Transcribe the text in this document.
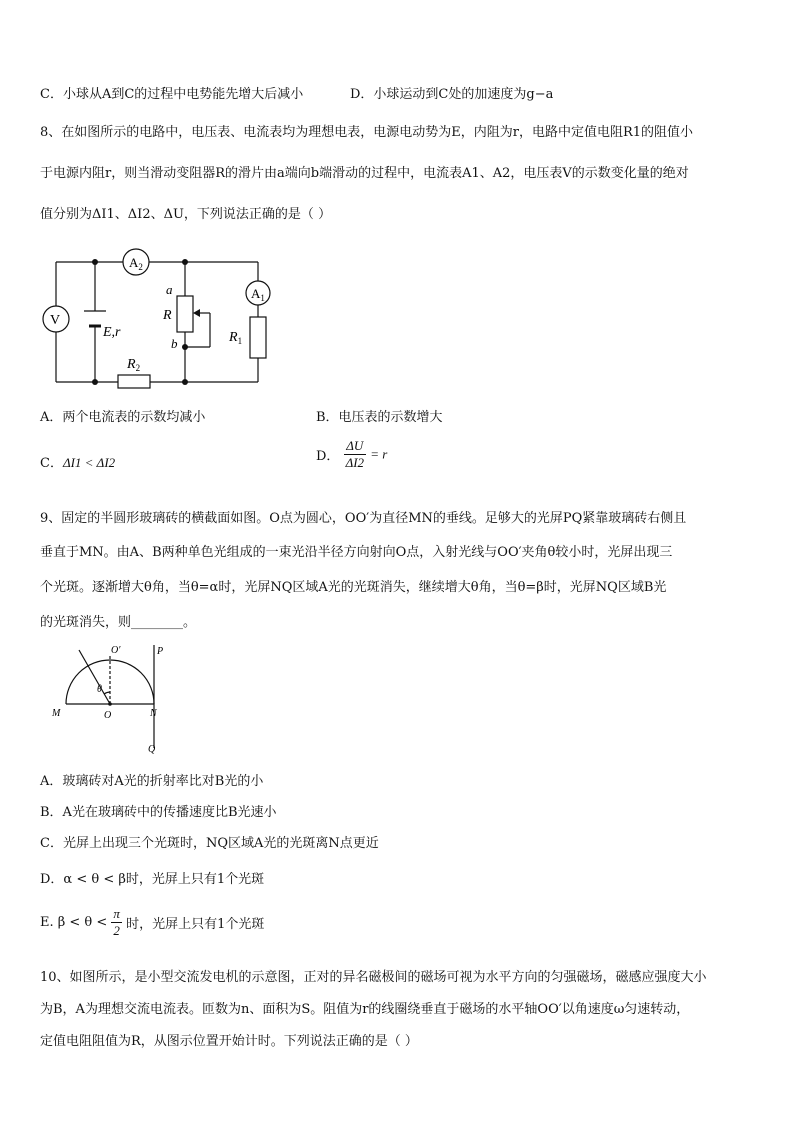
C．小球从A到C的过程中电势能先增大后减小	D．小球运动到C处的加速度为g−a
8、在如图所示的电路中，电压表、电流表均为理想电表，电源电动势为E，内阻为r，电路中定值电阻R1的阻值小
于电源内阻r，则当滑动变阻器R的滑片由a端向b端滑动的过程中，电流表A1、A2，电压表V的示数变化量的绝对
值分别为ΔI1、ΔI2、ΔU，下列说法正确的是（ ）
V
$A_2$
$A_1$
E,r
a
R
b	$R_1$
$R_2$
A．两个电流表的示数均减小	B．电压表的示数增大
C．ΔI1 < ΔI2	D． $\frac{\Delta U}{\Delta I2} = r$
9、固定的半圆形玻璃砖的横截面如图。O点为圆心，OO′为直径MN的垂线。足够大的光屏PQ紧靠玻璃砖右侧且
垂直于MN。由A、B两种单色光组成的一束光沿半径方向射向O点，入射光线与OO′夹角θ较小时，光屏出现三
个光斑。逐渐增大θ角，当θ=α时，光屏NQ区域A光的光斑消失，继续增大θ角，当θ=β时，光屏NQ区域B光
的光斑消失，则________。
O′	P
θ
M	O	N
Q
A．玻璃砖对A光的折射率比对B光的小
B．A光在玻璃砖中的传播速度比B光速小
C．光屏上出现三个光斑时，NQ区域A光的光斑离N点更近
D．α < θ < β时，光屏上只有1个光斑
E. $\beta < \theta < \frac{\pi}{2}$ 时，光屏上只有1个光斑
10、如图所示，是小型交流发电机的示意图，正对的异名磁极间的磁场可视为水平方向的匀强磁场，磁感应强度大小
为B，A为理想交流电流表。匝数为n、面积为S。阻值为r的线圈绕垂直于磁场的水平轴OO′以角速度ω匀速转动，
定值电阻阻值为R，从图示位置开始计时。下列说法正确的是（ ）
